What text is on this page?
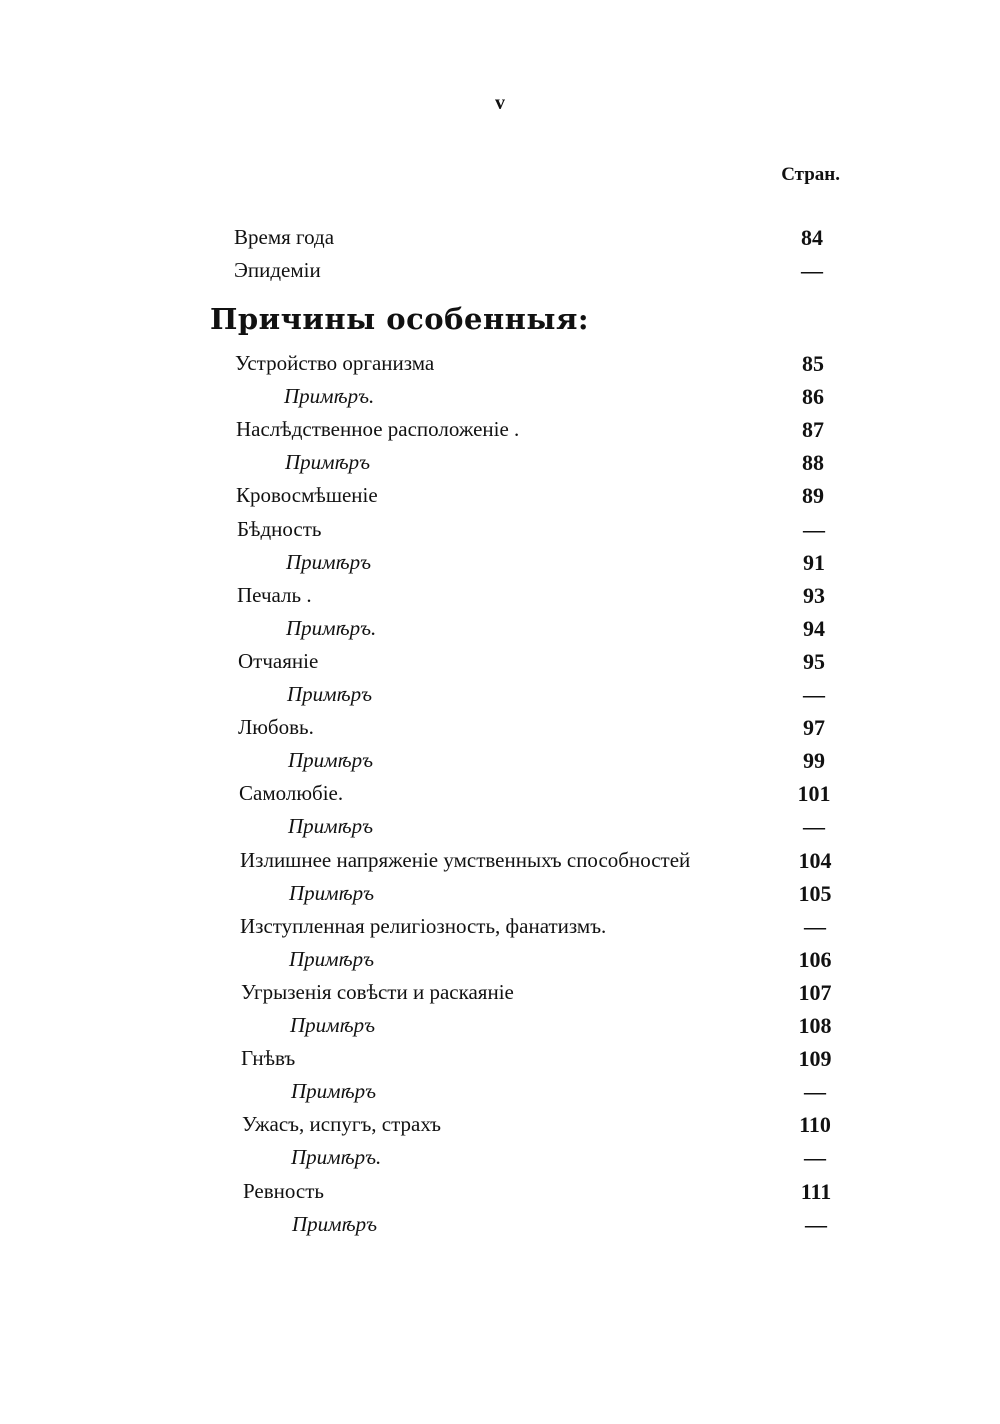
v
Стран.
Время года	84
Эпидеміи	—
Причины особенныя:
Устройство организма	85
Примѣръ.	86
Наслѣдственное расположеніе .	87
Примѣръ	88
Кровосмѣшеніе	89
Бѣдность	—
Примѣръ	91
Печаль .	93
Примѣръ.	94
Отчаяніе	95
Примѣръ	—
Любовь.	97
Примѣръ	99
Самолюбіе.	101
Примѣръ	—
Излишнее напряженіе умственныхъ способностей	104
Примѣръ	105
Изступленная религіозность, фанатизмъ.	—
Примѣръ	106
Угрызенія совѣсти и раскаяніе	107
Примѣръ	108
Гнѣвъ	109
Примѣръ	—
Ужасъ, испугъ, страхъ	110
Примѣръ.	—
Ревность	111
Примѣръ	—
